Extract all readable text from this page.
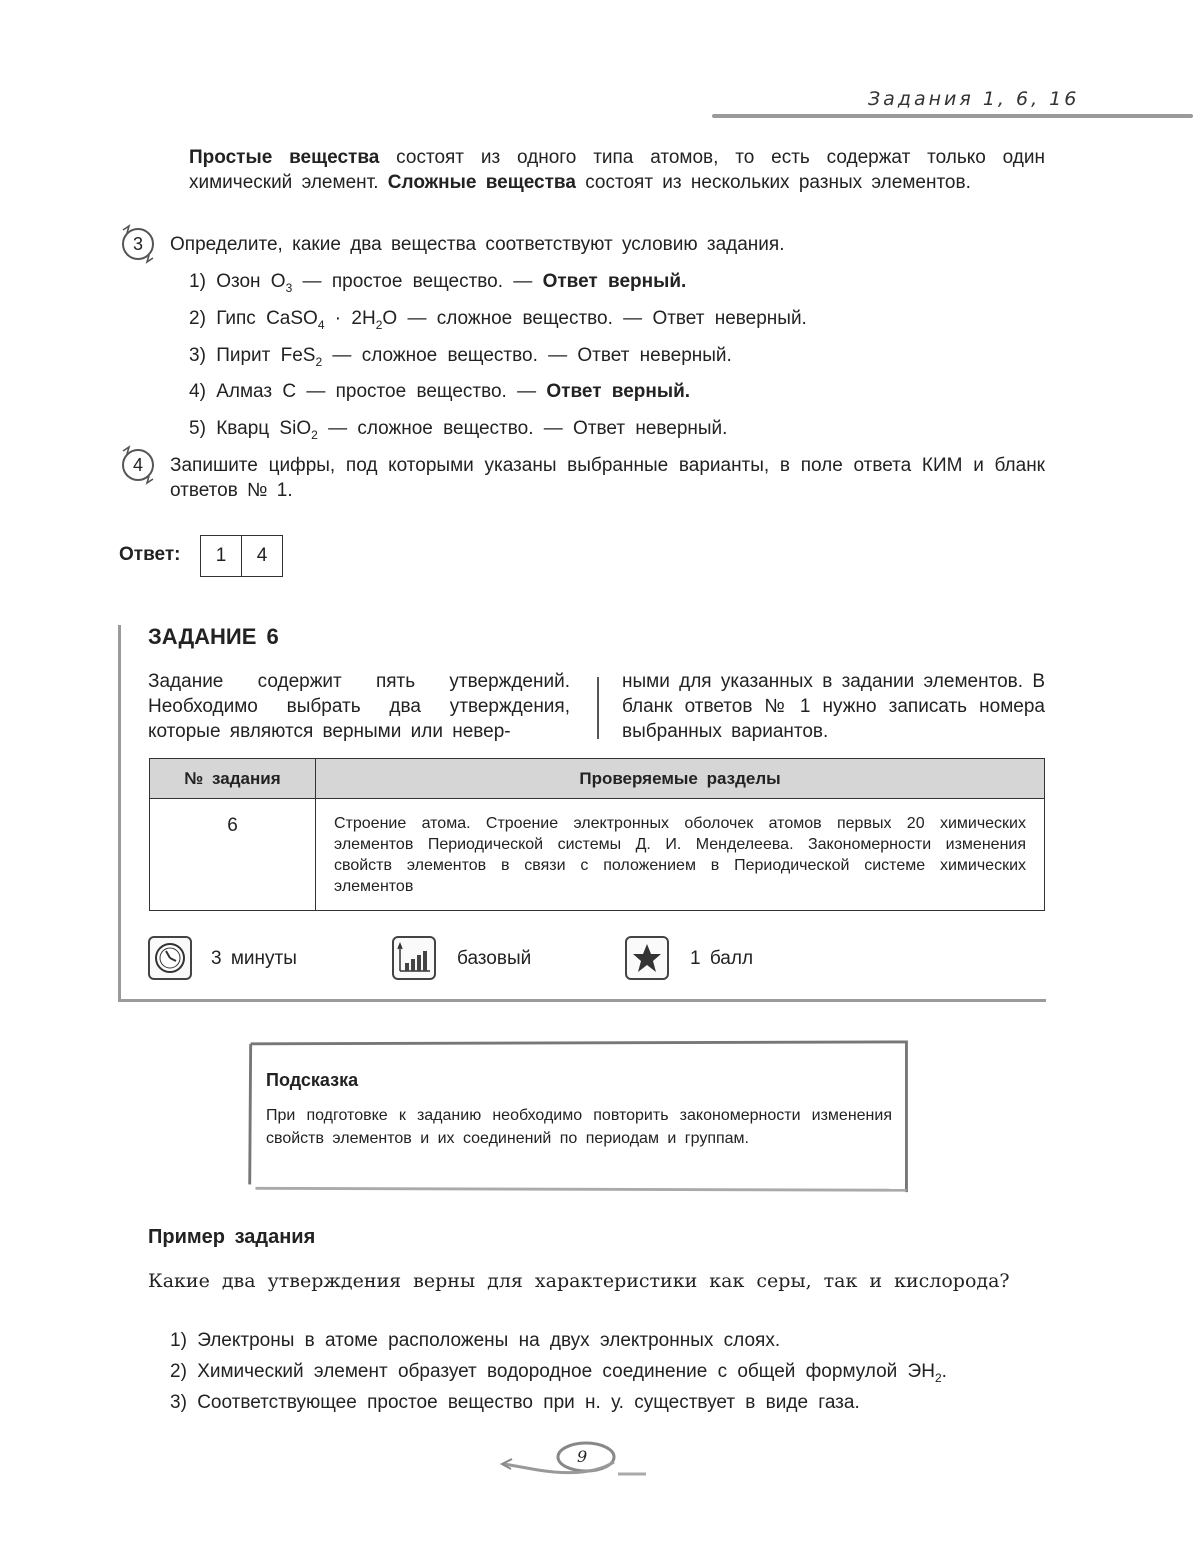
Задания 1, 6, 16
Простые вещества состоят из одного типа атомов, то есть содержат только один химический элемент. Сложные вещества состоят из нескольких разных элементов.
3	Определите, какие два вещества соответствуют условию задания.
1) Озон $O_3$ — простое вещество. — Ответ верный.
2) Гипс CaSO$_4$ · $2H_2O$ — сложное вещество. — Ответ неверный.
3) Пирит FeS$_2$ — сложное вещество. — Ответ неверный.
4) Алмаз C — простое вещество. — Ответ верный.
5) Кварц SiO$_2$ — сложное вещество. — Ответ неверный.
4	Запишите цифры, под которыми указаны выбранные варианты, в поле ответа КИМ и бланк ответов № 1.
Ответ:	1	4
ЗАДАНИЕ 6
Задание содержит пять утверждений. Необходимо выбрать два утверждения, которые являются верными или невер-
ными для указанных в задании элементов. В бланк ответов № 1 нужно записать номера выбранных вариантов.
№ задания	Проверяемые разделы
6	Строение атома. Строение электронных оболочек атомов первых 20 химических элементов Периодической системы Д. И. Менделеева. Закономерности изменения свойств элементов в связи с положением в Периодической системе химических элементов
3 минуты	базовый	1 балл
Подсказка
При подготовке к заданию необходимо повторить закономерности изменения свойств элементов и их соединений по периодам и группам.
Пример задания
Какие два утверждения верны для характеристики как серы, так и кислорода?
1) Электроны в атоме расположены на двух электронных слоях.
2) Химический элемент образует водородное соединение с общей формулой $ЭН_2$.
3) Соответствующее простое вещество при н. у. существует в виде газа.
9
